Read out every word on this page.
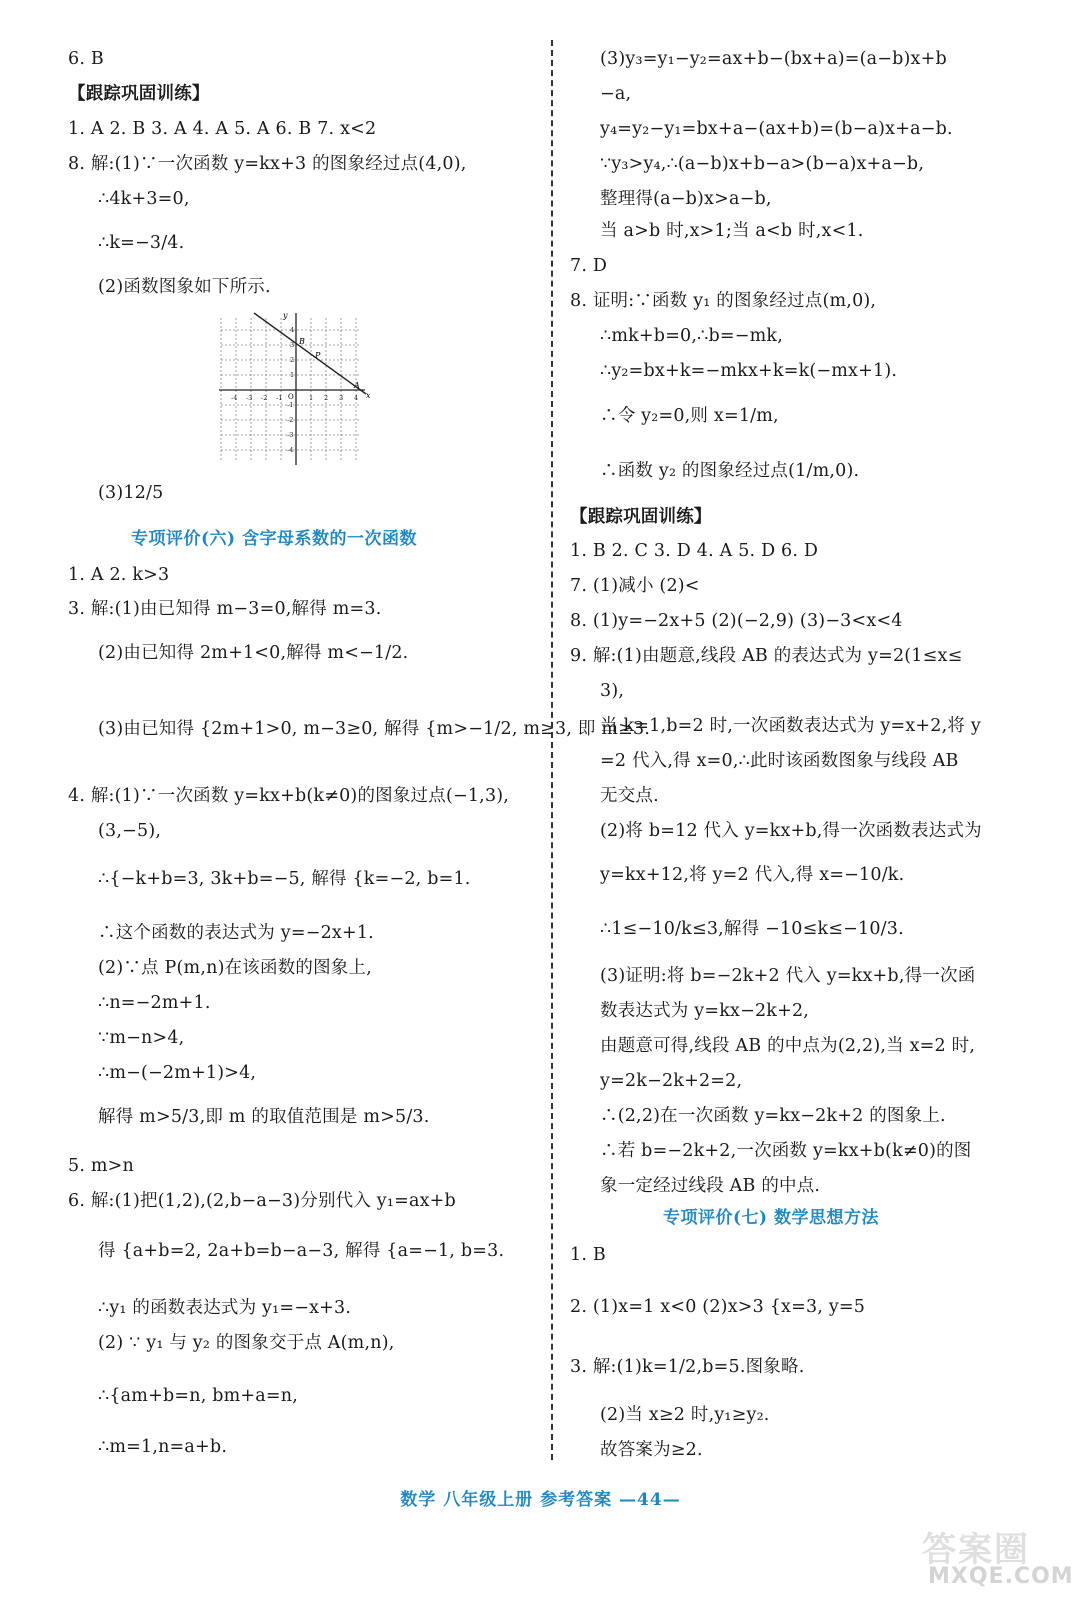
6. B
【跟踪巩固训练】
1. A 2. B 3. A 4. A 5. A 6. B 7. x<2
8. 解:(1)∵一次函数 y=kx+3 的图象经过点(4,0),
∴4k+3=0,
∴k=−3/4.
(2)函数图象如下所示.
(3)12/5
1. A 2. k>3
3. 解:(1)由已知得 m−3=0,解得 m=3.
(2)由已知得 2m+1<0,解得 m<−1/2.
(3)由已知得 {2m+1>0, m−3≥0, 解得 {m>−1/2, m≥3, 即 m≥3.
4. 解:(1)∵一次函数 y=kx+b(k≠0)的图象过点(−1,3),
(3,−5),
∴{−k+b=3, 3k+b=−5, 解得 {k=−2, b=1.
∴这个函数的表达式为 y=−2x+1.
(2)∵点 P(m,n)在该函数的图象上,
∴n=−2m+1.
∵m−n>4,
∴m−(−2m+1)>4,
解得 m>5/3,即 m 的取值范围是 m>5/3.
5. m>n
6. 解:(1)把(1,2),(2,b−a−3)分别代入 y₁=ax+b
得 {a+b=2, 2a+b=b−a−3, 解得 {a=−1, b=3.
∴y₁ 的函数表达式为 y₁=−x+3.
(2) ∵ y₁ 与 y₂ 的图象交于点 A(m,n),
∴{am+b=n, bm+a=n,
∴m=1,n=a+b.
(3)y₃=y₁−y₂=ax+b−(bx+a)=(a−b)x+b
−a,
y₄=y₂−y₁=bx+a−(ax+b)=(b−a)x+a−b.
∵y₃>y₄,∴(a−b)x+b−a>(b−a)x+a−b,
整理得(a−b)x>a−b,
当 a>b 时,x>1;当 a<b 时,x<1.
7. D
8. 证明:∵函数 y₁ 的图象经过点(m,0),
∴mk+b=0,∴b=−mk,
∴y₂=bx+k=−mkx+k=k(−mx+1).
∴令 y₂=0,则 x=1/m,
∴函数 y₂ 的图象经过点(1/m,0).
【跟踪巩固训练】
1. B 2. C 3. D 4. A 5. D 6. D
7. (1)减小 (2)<
8. (1)y=−2x+5 (2)(−2,9) (3)−3<x<4
9. 解:(1)由题意,线段 AB 的表达式为 y=2(1≤x≤
3),
当 k=1,b=2 时,一次函数表达式为 y=x+2,将 y
=2 代入,得 x=0,∴此时该函数图象与线段 AB
无交点.
(2)将 b=12 代入 y=kx+b,得一次函数表达式为
y=kx+12,将 y=2 代入,得 x=−10/k.
∴1≤−10/k≤3,解得 −10≤k≤−10/3.
(3)证明:将 b=−2k+2 代入 y=kx+b,得一次函
数表达式为 y=kx−2k+2,
由题意可得,线段 AB 的中点为(2,2),当 x=2 时,
y=2k−2k+2=2,
∴(2,2)在一次函数 y=kx−2k+2 的图象上.
∴若 b=−2k+2,一次函数 y=kx+b(k≠0)的图
象一定经过线段 AB 的中点.
1. B
2. (1)x=1 x<0 (2)x>3 {x=3, y=5
3. 解:(1)k=1/2,b=5.图象略.
(2)当 x≥2 时,y₁≥y₂.
故答案为≥2.
专项评价(六) 含字母系数的一次函数
专项评价(七) 数学思想方法
x
y
B
P
A
O
-4 -3 -2 -1	1 2 3 4
4
3
2
1
-1
-2
-3
-4
数学 八年级上册 参考答案 —44—
答案圈
MXQE.COM
